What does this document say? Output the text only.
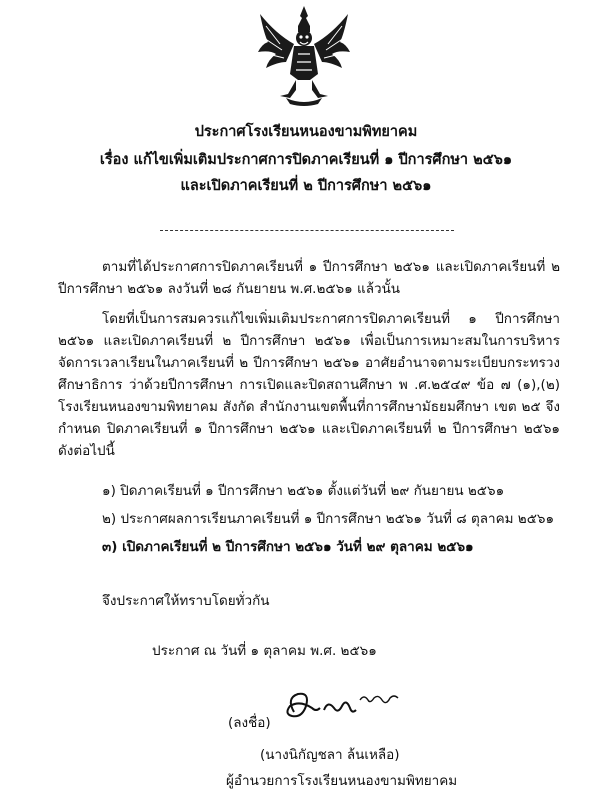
ประกาศโรงเรียนหนองขามพิทยาคม
เรื่อง แก้ไขเพิ่มเติมประกาศการปิดภาคเรียนที่ ๑ ปีการศึกษา ๒๕๖๑
และเปิดภาคเรียนที่ ๒ ปีการศึกษา ๒๕๖๑
ตามที่ได้ประกาศการปิดภาคเรียนที่ ๑ ปีการศึกษา ๒๕๖๑ และเปิดภาคเรียนที่ ๒ ปีการศึกษา ๒๕๖๑ ลงวันที่ ๒๘ กันยายน พ.ศ.๒๕๖๑ แล้วนั้น
โดยที่เป็นการสมควรแก้ไขเพิ่มเติมประกาศการปิดภาคเรียนที่ ๑ ปีการศึกษา ๒๕๖๑ และเปิดภาคเรียนที่ ๒ ปีการศึกษา ๒๕๖๑ เพื่อเป็นการเหมาะสมในการบริหารจัดการเวลาเรียนในภาคเรียนที่ ๒ ปีการศึกษา ๒๕๖๑ อาศัยอำนาจตามระเบียบกระทรวงศึกษาธิการ ว่าด้วยปีการศึกษา การเปิดและปิดสถานศึกษา พ .ศ.๒๕๔๙ ข้อ ๗ (๑),(๒) โรงเรียนหนองขามพิทยาคม สังกัด สำนักงานเขตพื้นที่การศึกษามัธยมศึกษา เขต ๒๕ จึงกำหนด ปิดภาคเรียนที่ ๑ ปีการศึกษา ๒๕๖๑ และเปิดภาคเรียนที่ ๒ ปีการศึกษา ๒๕๖๑ ดังต่อไปนี้
๑) ปิดภาคเรียนที่ ๑ ปีการศึกษา ๒๕๖๑ ตั้งแต่วันที่ ๒๙ กันยายน ๒๕๖๑
๒) ประกาศผลการเรียนภาคเรียนที่ ๑ ปีการศึกษา ๒๕๖๑ วันที่ ๘ ตุลาคม ๒๕๖๑
๓) เปิดภาคเรียนที่ ๒ ปีการศึกษา ๒๕๖๑ วันที่ ๒๙ ตุลาคม ๒๕๖๑
จึงประกาศให้ทราบโดยทั่วกัน
ประกาศ ณ วันที่ ๑ ตุลาคม พ.ศ. ๒๕๖๑
(ลงชื่อ)
(นางนิกัญชลา ล้นเหลือ)
ผู้อำนวยการโรงเรียนหนองขามพิทยาคม
